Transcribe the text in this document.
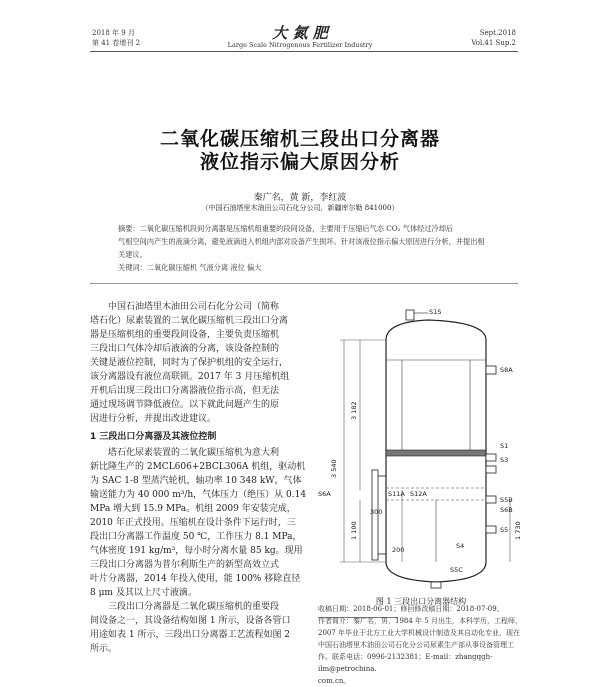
2018 年 9 月
第 41 卷增刊 2
大 氮 肥
Large Scale Nitrogenous Fertilizer Industry
Sept.2018
Vol.41 Sup.2
二氧化碳压缩机三段出口分离器
液位指示偏大原因分析
秦广名，黄 新，李红波
（中国石油塔里木油田公司石化分公司，新疆库尔勒 841000）
摘要：二氧化碳压缩机段间分离器是压缩机组重要的段间设备，主要用于压缩后气态 CO₂ 气体经过冷却后
气相空间内产生的液滴分离，避免液滴进入机组内部对设备产生损坏。针对该液位指示偏大原因进行分析，并提出相
关建议。
关键词：二氧化碳压缩机 气液分离 液位 偏大
中国石油塔里木油田公司石化分公司（简称
塔石化）尿素装置的二氧化碳压缩机三段出口分离
器是压缩机组的重要段间设备，主要负责压缩机
三段出口气体冷却后液滴的分离，该设备控制的
关键是液位控制，同时为了保护机组的安全运行，
该分离器设有液位高联锁。2017 年 3 月压缩机组
开机后出现三段出口分离器液位指示高，但无法
通过现场调节降低液位。以下就此问题产生的原
因进行分析，并提出改进建议。
1 三段出口分离器及其液位控制
塔石化尿素装置的二氧化碳压缩机为意大利
新比隆生产的 2MCL606+2BCL306A 机组，驱动机
为 SAC 1-8 型蒸汽轮机，轴功率 10 348 kW，气体
输送能力为 40 000 m³/h，气体压力（绝压）从 0.14
MPa 增大到 15.9 MPa。机组 2009 年安装完成，
2010 年正式投用。压缩机在设计条件下运行时，三
段出口分离器工作温度 50 ℃，工作压力 8.1 MPa，
气体密度 191 kg/m³，每小时分离水量 85 kg。现用
三段出口分离器为普尔利斯生产的新型高效立式
叶片分离器，2014 年投入使用，能 100% 移除直径
8 μm 及其以上尺寸液滴。
三段出口分离器是二氧化碳压缩机的重要段
间设备之一，其设备结构如图 1 所示，设备各管口
用途如表 1 所示，三段出口分离器工艺流程如图 2
所示。
S1S
S8A
S1
S3
S6A	S11A S12A
S5B
S6B
S4
S5
S5C
3 540
3 182
1 100	1 730
300
200
图 1 三段出口分离器结构
收稿日期：2018-06-01；修回修改稿日期：2018-07-09。
作者简介：秦广名，男，1984 年 5 月出生，本科学历，工程师，
2007 年毕业于北方工业大学机械设计制造及其自动化专业，现在
中国石油塔里木油田公司石化分公司尿素生产部从事设备管理工
作。联系电话：0996-2132381；E-mail：zhangqgh-ilm@petrochina.
com.cn。
